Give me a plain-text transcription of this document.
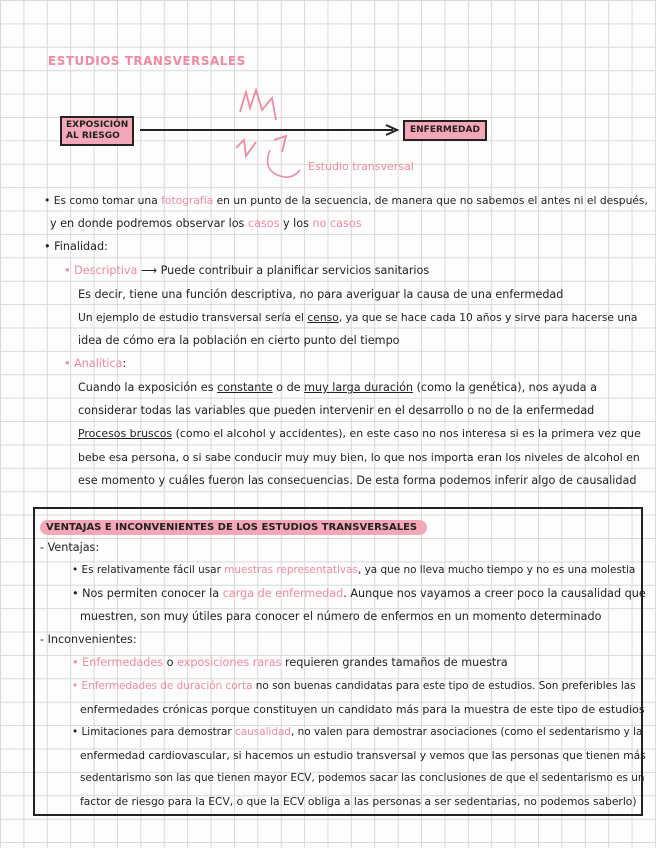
ESTUDIOS TRANSVERSALES
EXPOSICIÓN
AL RIESGO
ENFERMEDAD
Estudio transversal
• Es como tomar una fotografía en un punto de la secuencia, de manera que no sabemos el antes ni el después,
y en donde podremos observar los casos y los no casos
• Finalidad:
• Descriptiva ⟶ Puede contribuir a planificar servicios sanitarios
Es decir, tiene una función descriptiva, no para averiguar la causa de una enfermedad
Un ejemplo de estudio transversal sería el censo, ya que se hace cada 10 años y sirve para hacerse una
idea de cómo era la población en cierto punto del tiempo
• Analítica:
Cuando la exposición es constante o de muy larga duración (como la genética), nos ayuda a
considerar todas las variables que pueden intervenir en el desarrollo o no de la enfermedad
Procesos bruscos (como el alcohol y accidentes), en este caso no nos interesa si es la primera vez que
bebe esa persona, o si sabe conducir muy muy bien, lo que nos importa eran los niveles de alcohol en
ese momento y cuáles fueron las consecuencias. De esta forma podemos inferir algo de causalidad
VENTAJAS E INCONVENIENTES DE LOS ESTUDIOS TRANSVERSALES
- Ventajas:
• Es relativamente fácil usar muestras representativas, ya que no lleva mucho tiempo y no es una molestia
• Nos permiten conocer la carga de enfermedad. Aunque nos vayamos a creer poco la causalidad que
muestren, son muy útiles para conocer el número de enfermos en un momento determinado
- Inconvenientes:
• Enfermedades o exposiciones raras requieren grandes tamaños de muestra
• Enfermedades de duración corta no son buenas candidatas para este tipo de estudios. Son preferibles las
enfermedades crónicas porque constituyen un candidato más para la muestra de este tipo de estudios
• Limitaciones para demostrar causalidad, no valen para demostrar asociaciones (como el sedentarismo y la
enfermedad cardiovascular, si hacemos un estudio transversal y vemos que las personas que tienen más
sedentarismo son las que tienen mayor ECV, podemos sacar las conclusiones de que el sedentarismo es un
factor de riesgo para la ECV, o que la ECV obliga a las personas a ser sedentarias, no podemos saberlo)
